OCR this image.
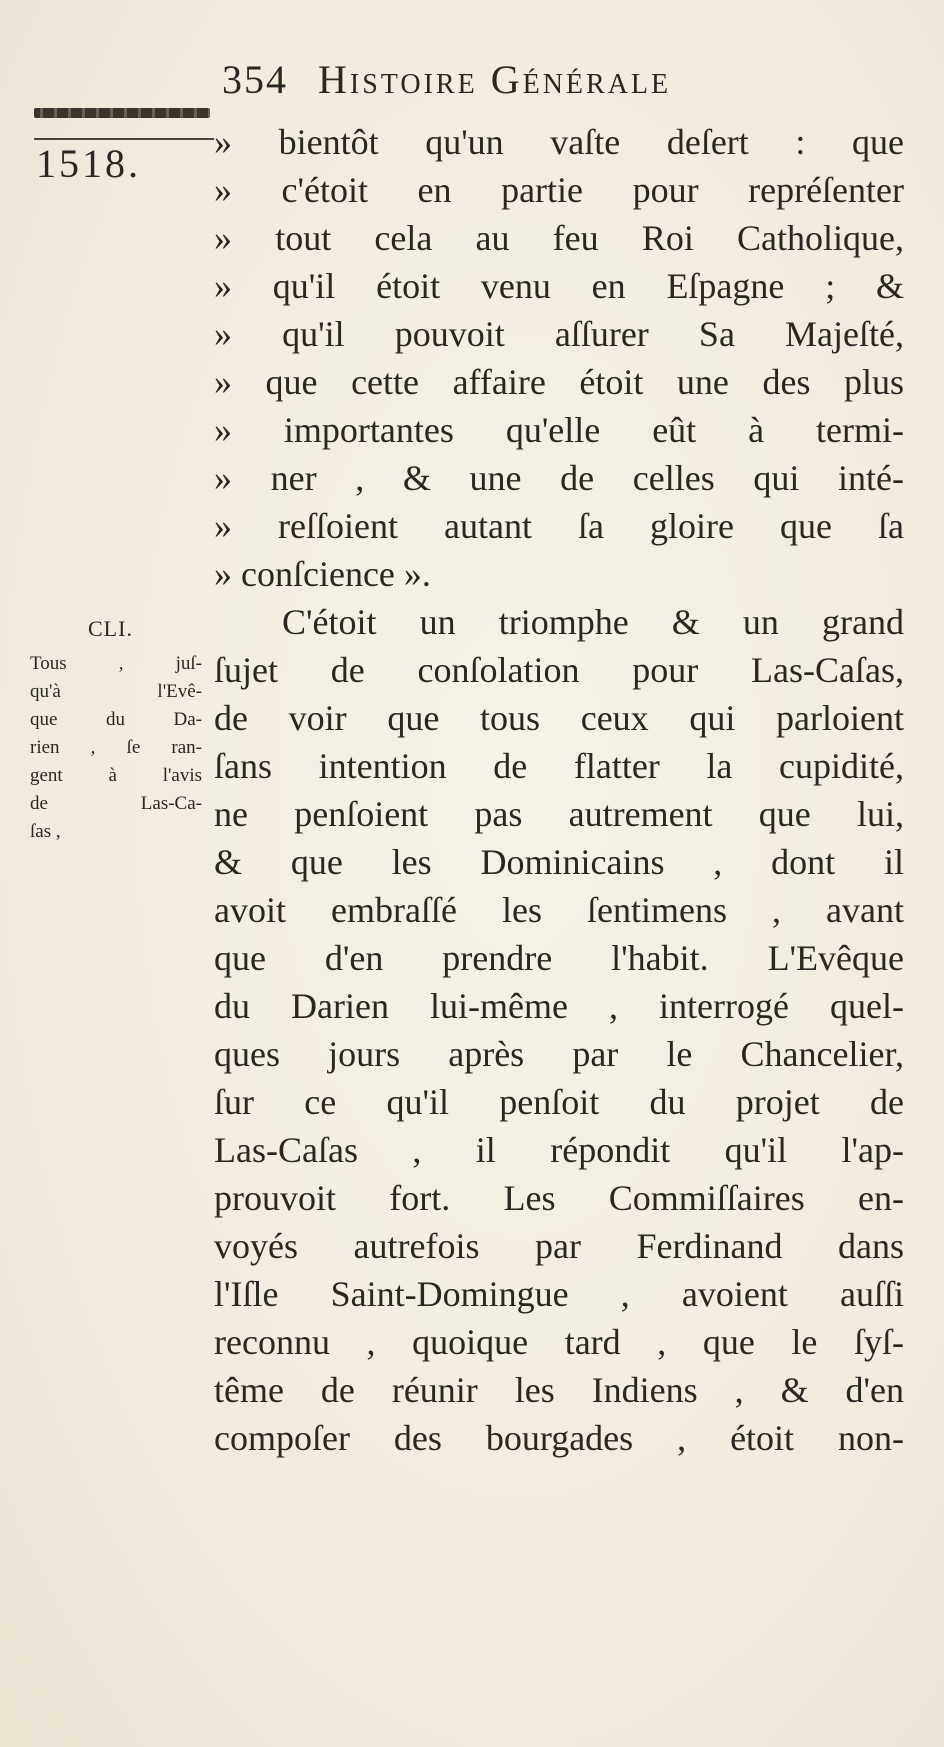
354 Histoire Générale
1518.
CLI.
Tous , juſ-
qu'à l'Evê-
que du Da-
rien , ſe ran-
gent à l'avis
de Las-Ca-
ſas ,
» bientôt qu'un vaſte deſert : que
» c'étoit en partie pour repréſenter
» tout cela au feu Roi Catholique,
» qu'il étoit venu en Eſpagne ; &
» qu'il pouvoit aſſurer Sa Majeſté,
» que cette affaire étoit une des plus
» importantes qu'elle eût à termi-
» ner , & une de celles qui inté-
» reſſoient autant ſa gloire que ſa
» conſcience ».
C'étoit un triomphe & un grand
ſujet de conſolation pour Las-Caſas,
de voir que tous ceux qui parloient
ſans intention de flatter la cupidité,
ne penſoient pas autrement que lui,
& que les Dominicains , dont il
avoit embraſſé les ſentimens , avant
que d'en prendre l'habit. L'Evêque
du Darien lui-même , interrogé quel-
ques jours après par le Chancelier,
ſur ce qu'il penſoit du projet de
Las-Caſas , il répondit qu'il l'ap-
prouvoit fort. Les Commiſſaires en-
voyés autrefois par Ferdinand dans
l'Iſle Saint-Domingue , avoient auſſi
reconnu , quoique tard , que le ſyſ-
tême de réunir les Indiens , & d'en
compoſer des bourgades , étoit non-
